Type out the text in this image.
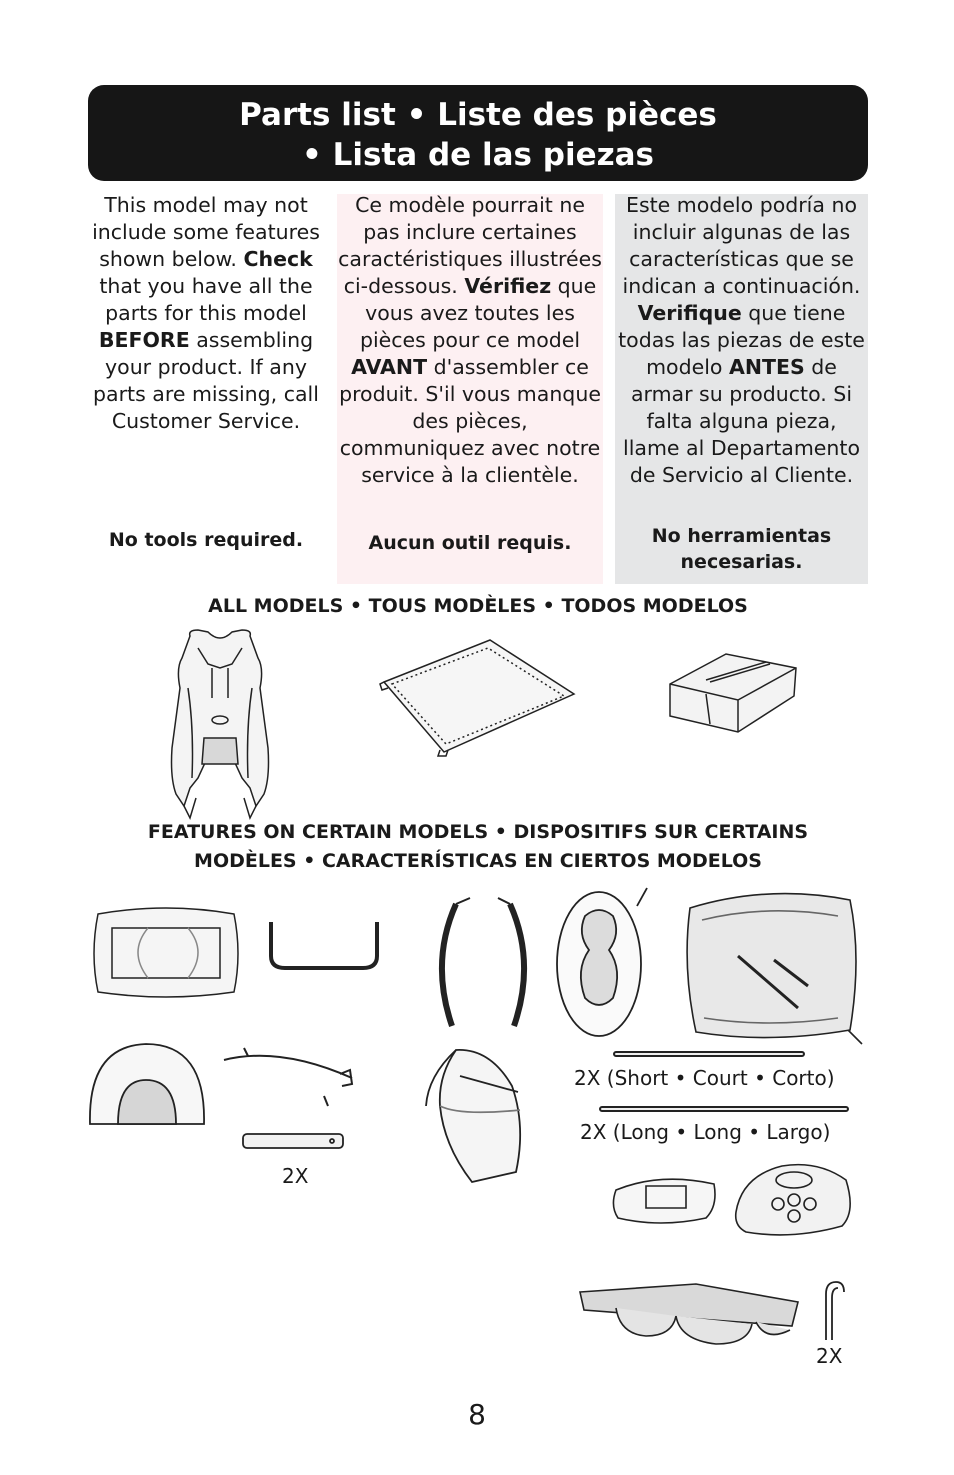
Parts list • Liste des pièces
• Lista de las piezas

This model may not include some features shown below. Check that you have all the parts for this model BEFORE assembling your product. If any parts are missing, call Customer Service.

No tools required.

Ce modèle pourrait ne pas inclure certaines caractéristiques illustrées ci-dessous. Vérifiez que vous avez toutes les pièces pour ce model AVANT d'assembler ce produit. S'il vous manque des pièces, communiquez avec notre service à la clientèle.

Aucun outil requis.

Este modelo podría no incluir algunas de las características que se indican a continuación. Verifique que tiene todas las piezas de este modelo ANTES de armar su producto. Si falta alguna pieza, llame al Departamento de Servicio al Cliente.

No herramientas necesarias.
ALL MODELS • TOUS MODÈLES • TODOS MODELOS
FEATURES ON CERTAIN MODELS • DISPOSITIFS SUR CERTAINS
MODÈLES • CARACTERÍSTICAS EN CIERTOS MODELOS
2X
2X (Short • Court • Corto)
2X (Long • Long • Largo)
2X
8
